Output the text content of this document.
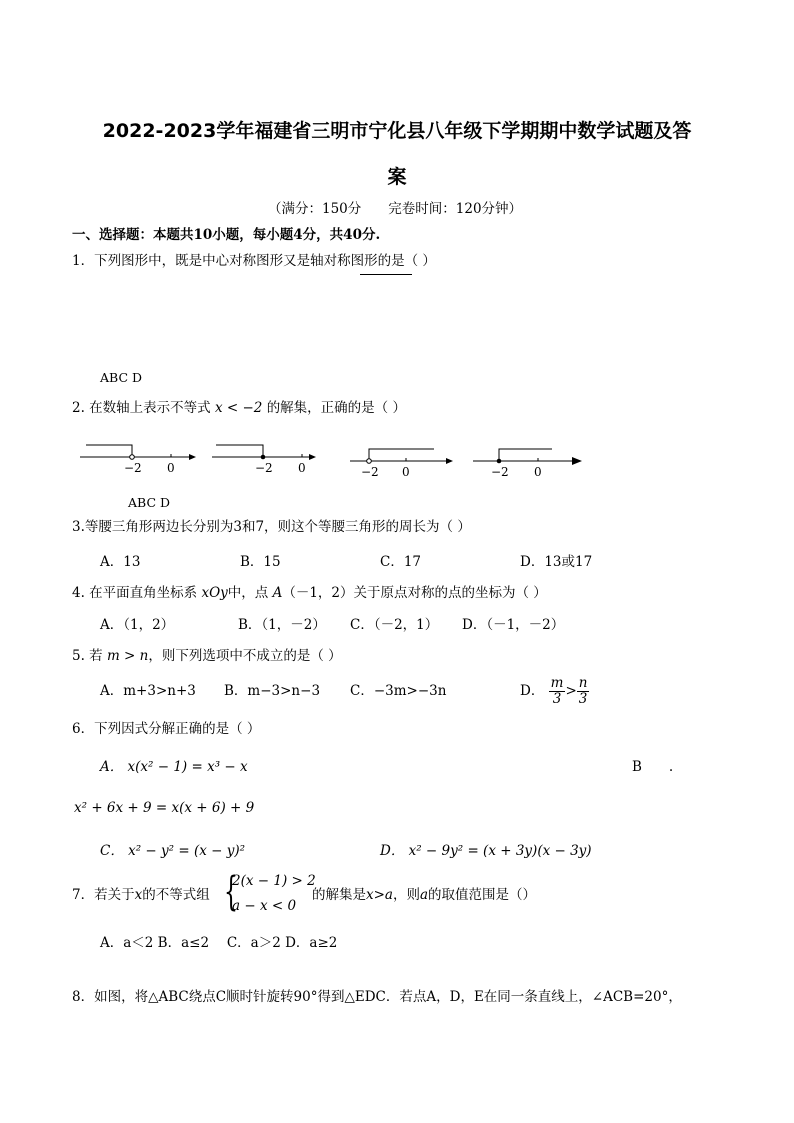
2022-2023学年福建省三明市宁化县八年级下学期期中数学试题及答
案
（满分：150分　　完卷时间：120分钟）
一、选择题：本题共10小题，每小题4分，共40分.
1．下列图形中，既是中心对称图形又是轴对称图形的是（ ）
ABC D
2. 在数轴上表示不等式 x < −2 的解集，正确的是（ ）
−2 0	−2 0	−2 0	−2 0
ABC D
3.等腰三角形两边长分别为3和7，则这个等腰三角形的周长为（ ）
A．13	B．15	C．17	D．13或17
4. 在平面直角坐标系 xOy中，点 A（－1，2）关于原点对称的点的坐标为（ ）
A．（1，2）	B．（1，－2） C．（－2，1） D．（－1，－2）
5. 若 m > n，则下列选项中不成立的是（ ）
A．m+3>n+3 B．m−3>n−3 C．−3m>−3n	D． $\frac{m}{3} > \frac{n}{3}$
6．下列因式分解正确的是（ ）
A． x(x² − 1) = x³ − x	B　　.
x² + 6x + 9 = x(x + 6) + 9
C． x² − y² = (x − y)²	D． x² − 9y² = (x + 3y)(x − 3y)
7．若关于x的不等式组 {
2(x − 1) > 2
a − x < 0
的解集是x>a，则a的取值范围是（）
A．a＜2 B．a≤2　 C．a＞2 D．a≥2
8．如图，将△ABC绕点C顺时针旋转90°得到△EDC．若点A，D，E在同一条直线上，∠ACB=20°，
